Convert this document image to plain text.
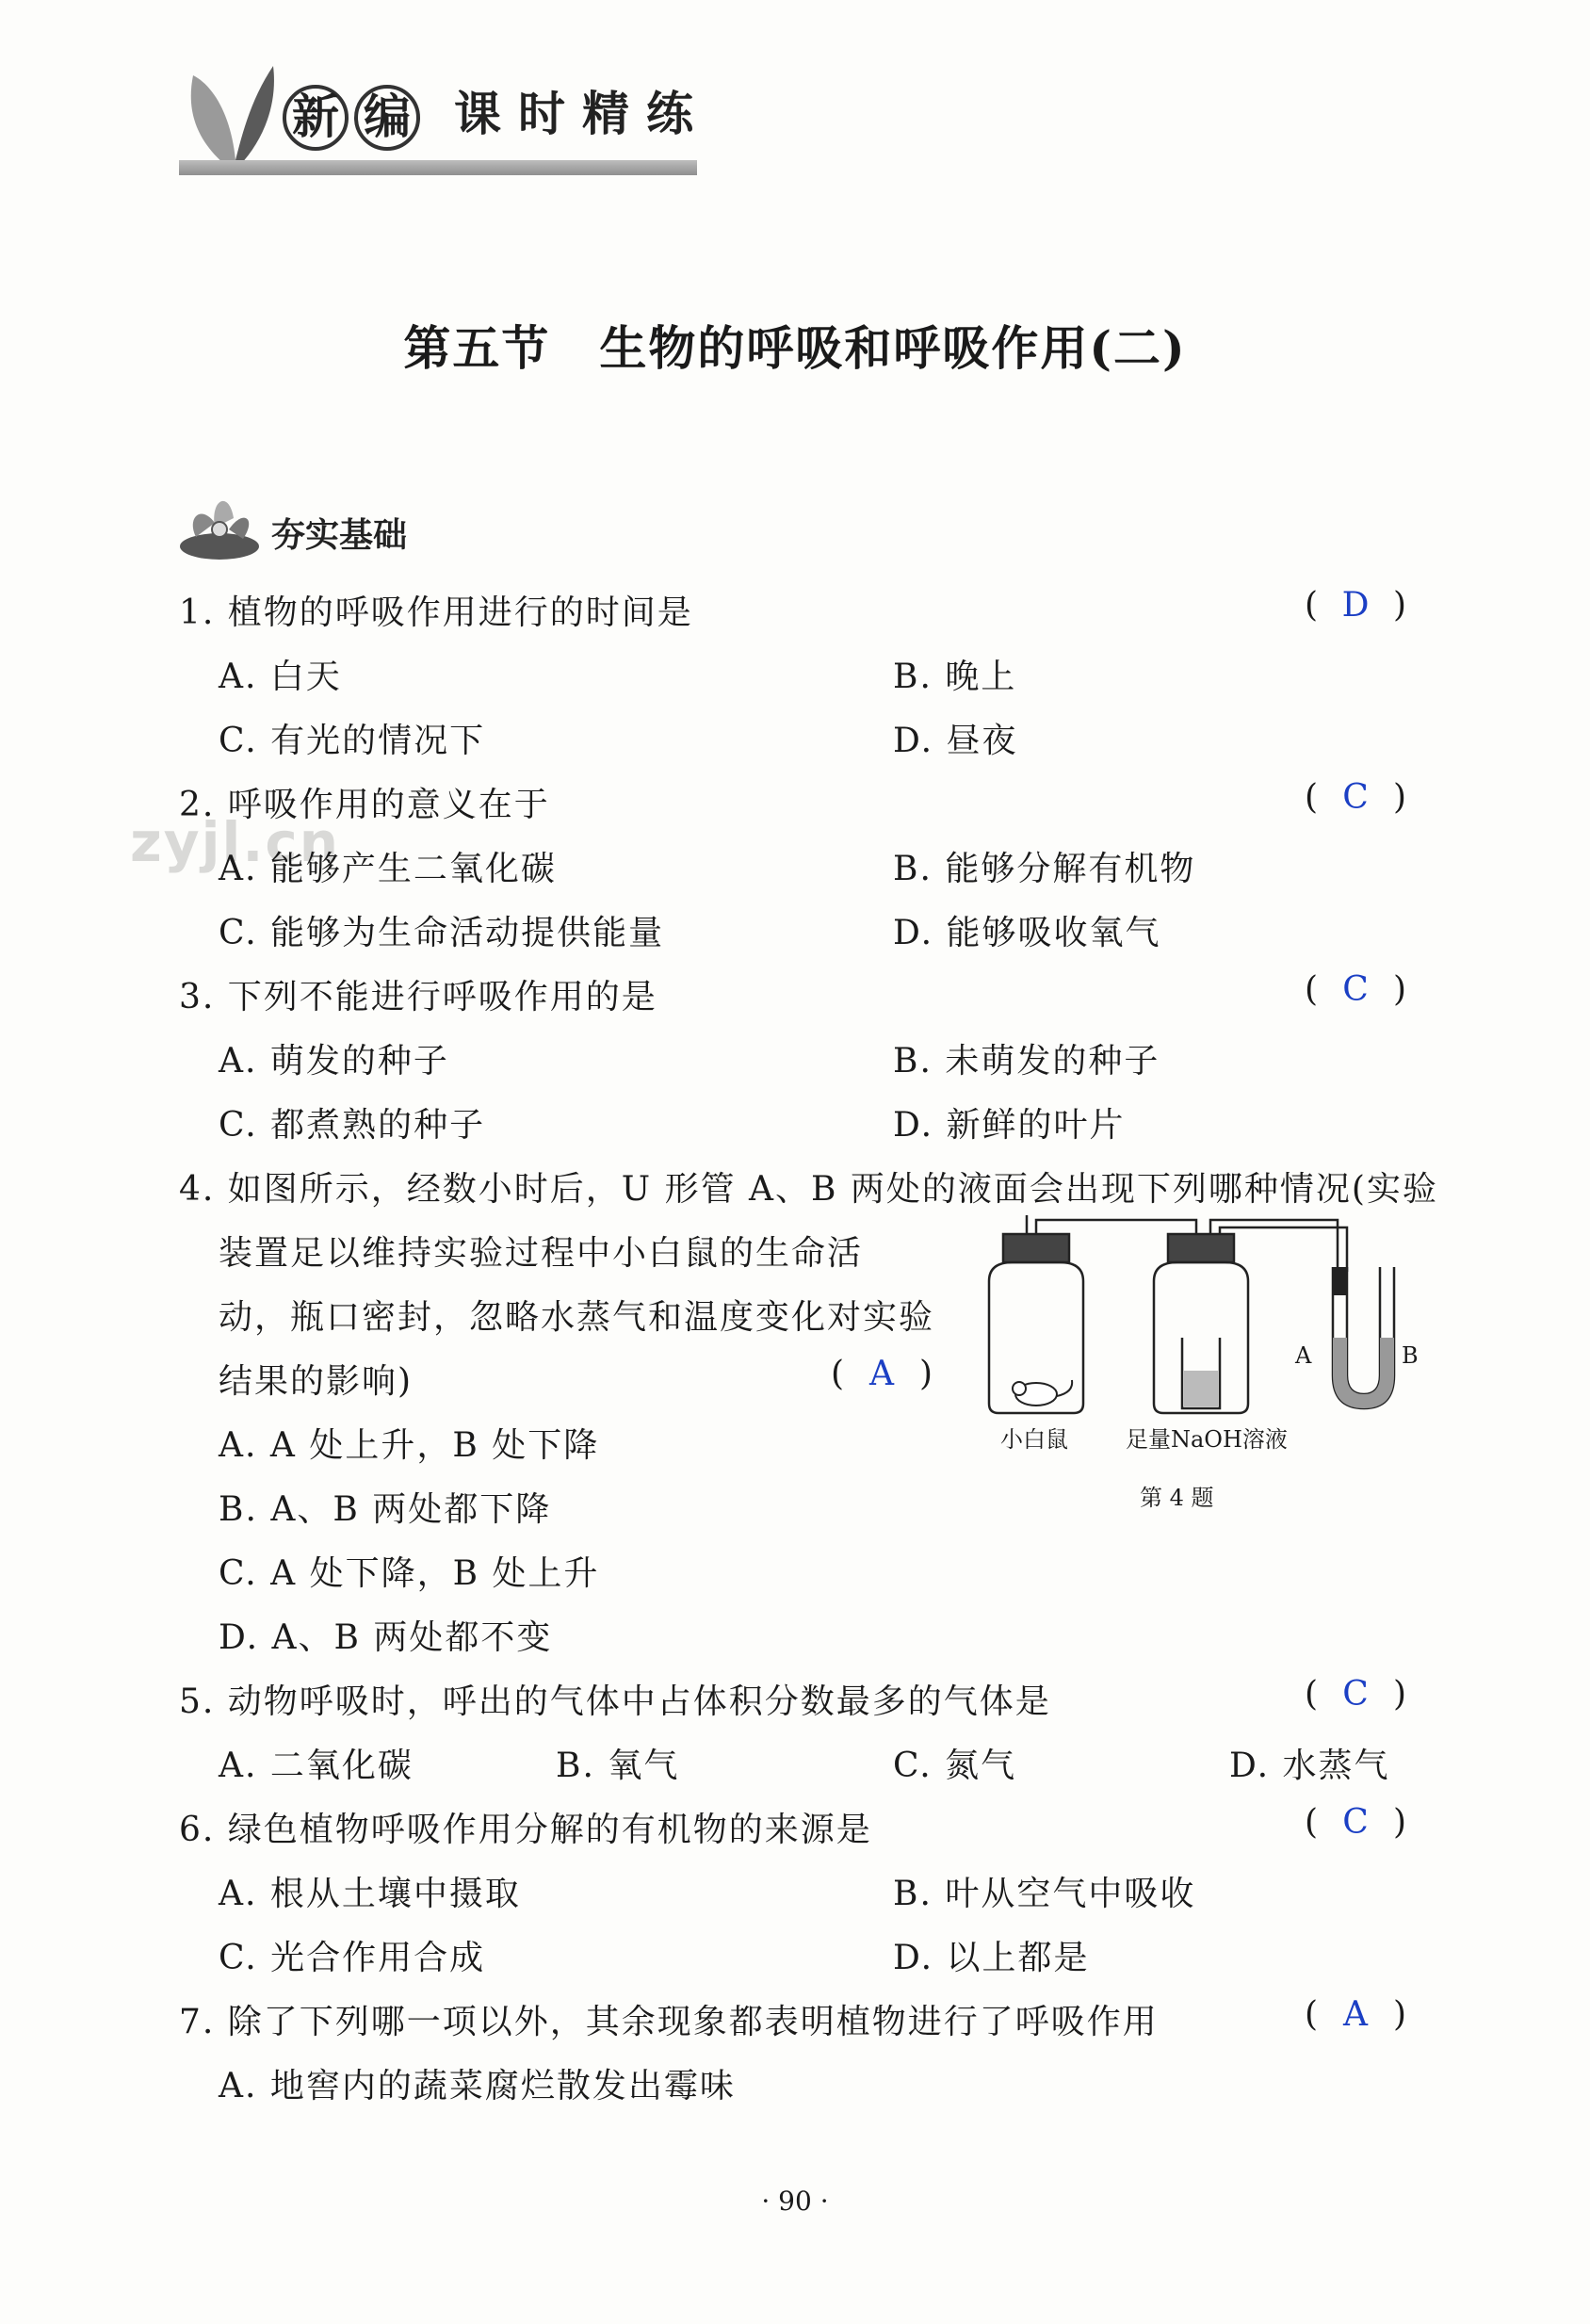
新 编 课 时 精 练
第五节　生物的呼吸和呼吸作用(二)
夯实基础
zyjl.cn
1. 植物的呼吸作用进行的时间是	( D )
A. 白天	B. 晚上
C. 有光的情况下	D. 昼夜
2. 呼吸作用的意义在于	( C )
A. 能够产生二氧化碳	B. 能够分解有机物
C. 能够为生命活动提供能量	D. 能够吸收氧气
3. 下列不能进行呼吸作用的是	( C )
A. 萌发的种子	B. 未萌发的种子
C. 都煮熟的种子	D. 新鲜的叶片
4. 如图所示，经数小时后，U 形管 A、B 两处的液面会出现下列哪种情况(实验
装置足以维持实验过程中小白鼠的生命活
动，瓶口密封，忽略水蒸气和温度变化对实验
结果的影响)	( A )
A. A 处上升，B 处下降
B. A、B 两处都下降
C. A 处下降，B 处上升
D. A、B 两处都不变
小白鼠	足量NaOH溶液
A	B
第 4 题
5. 动物呼吸时，呼出的气体中占体积分数最多的气体是	( C )
A. 二氧化碳	B. 氧气	C. 氮气	D. 水蒸气
6. 绿色植物呼吸作用分解的有机物的来源是	( C )
A. 根从土壤中摄取	B. 叶从空气中吸收
C. 光合作用合成	D. 以上都是
7. 除了下列哪一项以外，其余现象都表明植物进行了呼吸作用	( A )
A. 地窖内的蔬菜腐烂散发出霉味
· 90 ·
